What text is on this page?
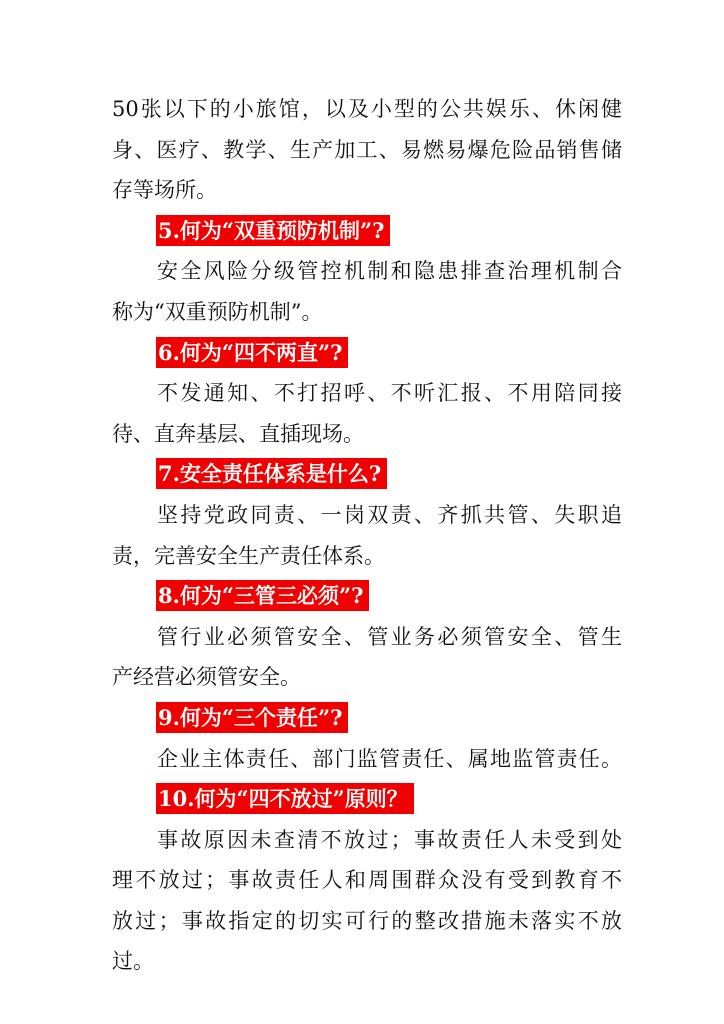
50张以下的小旅馆，以及小型的公共娱乐、休闲健
身、医疗、教学、生产加工、易燃易爆危险品销售储
存等场所。
5.何为“双重预防机制”?
安全风险分级管控机制和隐患排查治理机制合
称为“双重预防机制”。
6.何为“四不两直”?
不发通知、不打招呼、不听汇报、不用陪同接
待、直奔基层、直插现场。
7.安全责任体系是什么?
坚持党政同责、一岗双责、齐抓共管、失职追
责，完善安全生产责任体系。
8.何为“三管三必须”?
管行业必须管安全、管业务必须管安全、管生
产经营必须管安全。
9.何为“三个责任”?
企业主体责任、部门监管责任、属地监管责任。
10.何为“四不放过”原则？
事故原因未查清不放过；事故责任人未受到处
理不放过；事故责任人和周围群众没有受到教育不
放过；事故指定的切实可行的整改措施未落实不放
过。
